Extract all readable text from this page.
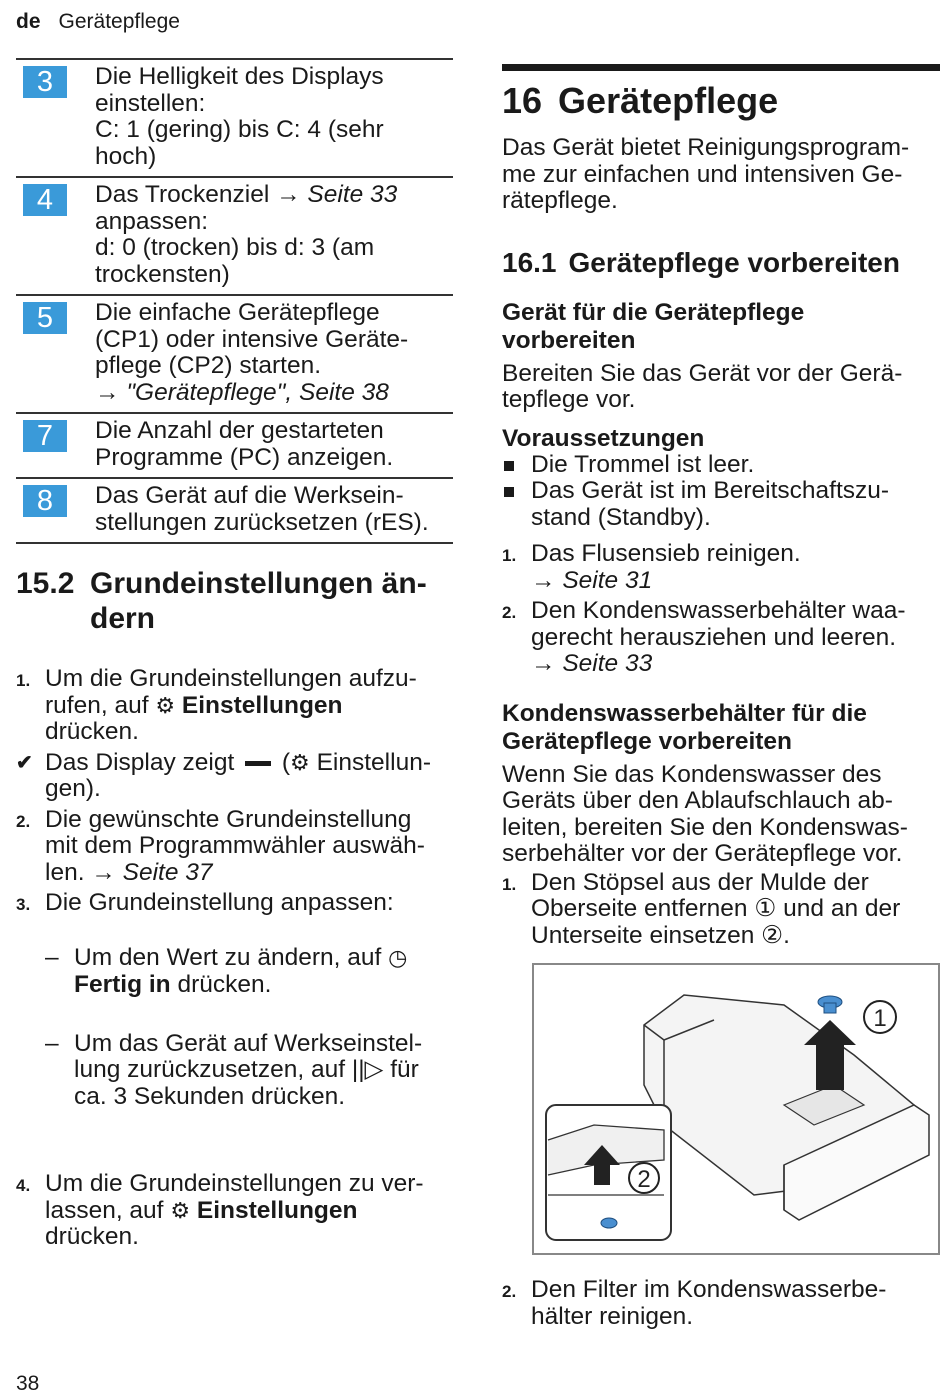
de Gerätepflege
3	Die Helligkeit des Displays
einstellen:
C: 1 (gering) bis C: 4 (sehr
hoch)
4	Das Trockenziel → Seite 33
anpassen:
d: 0 (trocken) bis d: 3 (am
trockensten)
5	Die einfache Gerätepflege
(CP1) oder intensive Geräte-
pflege (CP2) starten.
→ "Gerätepflege", Seite 38
7	Die Anzahl der gestarteten
Programme (PC) anzeigen.
8	Das Gerät auf die Werksein-
stellungen zurücksetzen (rES).
15.2 Grundeinstellungen än-
dern
1. Um die Grundeinstellungen aufzu-
rufen, auf ⚙ Einstellungen
drücken.
✔ Das Display zeigt  (⚙ Einstellun-
gen).
2. Die gewünschte Grundeinstellung
mit dem Programmwähler auswäh-
len. → Seite 37
3. Die Grundeinstellung anpassen:

– Um den Wert zu ändern, auf ◷
Fertig in drücken.

– Um das Gerät auf Werkseinstel-
lung zurückzusetzen, auf ||▷ für
ca. 3 Sekunden drücken.

4. Um die Grundeinstellungen zu ver-
lassen, auf ⚙ Einstellungen
drücken.
16 Gerätepflege

Das Gerät bietet Reinigungsprogram-
me zur einfachen und intensiven Ge-
rätepflege.

16.1 Gerätepflege vorbereiten
Gerät für die Gerätepflege
vorbereiten

Bereiten Sie das Gerät vor der Gerä-
tepflege vor.

Voraussetzungen
Die Trommel ist leer.
Das Gerät ist im Bereitschaftszu-
stand (Standby).
1. Das Flusensieb reinigen.
→ Seite 31
2. Den Kondenswasserbehälter waa-
gerecht herausziehen und leeren.
→ Seite 33
Kondenswasserbehälter für die
Gerätepflege vorbereiten

Wenn Sie das Kondenswasser des
Geräts über den Ablaufschlauch ab-
leiten, bereiten Sie den Kondenswas-
serbehälter vor der Gerätepflege vor.

1. Den Stöpsel aus der Mulde der
Oberseite entfernen ① und an der
Unterseite einsetzen ②.
1
2
2. Den Filter im Kondenswasserbe-
hälter reinigen.
38
